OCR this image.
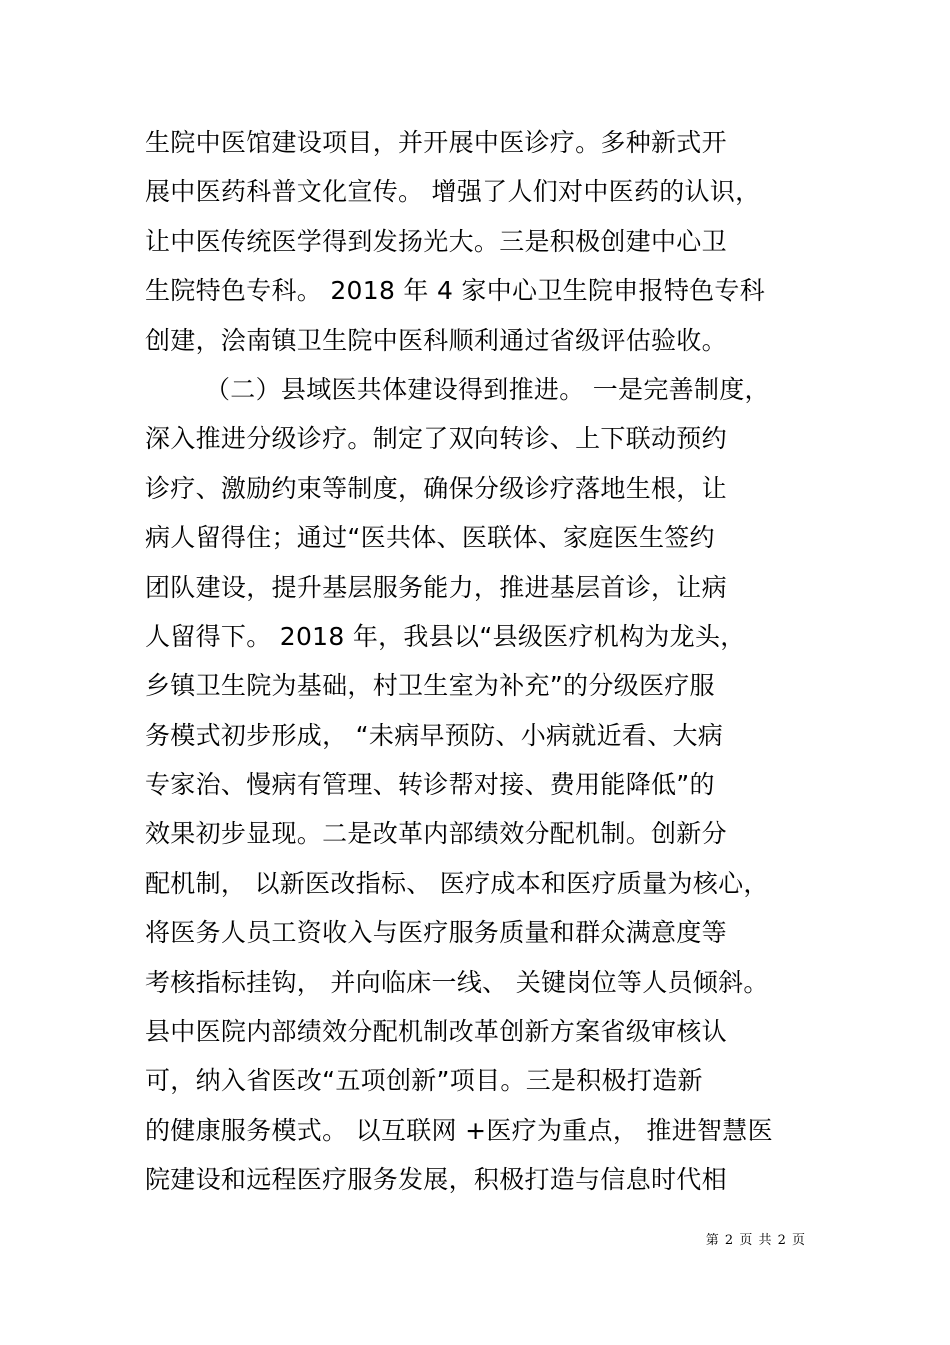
生院中医馆建设项目，并开展中医诊疗。多种新式开
展中医药科普文化宣传。 增强了人们对中医药的认识，
让中医传统医学得到发扬光大。三是积极创建中心卫
生院特色专科。 2018 年 4 家中心卫生院申报特色专科
创建，浍南镇卫生院中医科顺利通过省级评估验收。
（二）县域医共体建设得到推进。 一是完善制度，
深入推进分级诊疗。制定了双向转诊、上下联动预约
诊疗、激励约束等制度，确保分级诊疗落地生根，让
病人留得住；通过“医共体、医联体、家庭医生签约
团队建设，提升基层服务能力，推进基层首诊，让病
人留得下。 2018 年，我县以“县级医疗机构为龙头，
乡镇卫生院为基础，村卫生室为补充”的分级医疗服
务模式初步形成， “未病早预防、小病就近看、大病
专家治、慢病有管理、转诊帮对接、费用能降低”的
效果初步显现。二是改革内部绩效分配机制。创新分
配机制， 以新医改指标、 医疗成本和医疗质量为核心，
将医务人员工资收入与医疗服务质量和群众满意度等
考核指标挂钩， 并向临床一线、 关键岗位等人员倾斜。
县中医院内部绩效分配机制改革创新方案省级审核认
可，纳入省医改“五项创新”项目。三是积极打造新
的健康服务模式。 以互联网 +医疗为重点， 推进智慧医
院建设和远程医疗服务发展，积极打造与信息时代相
第 2 页 共 2 页
